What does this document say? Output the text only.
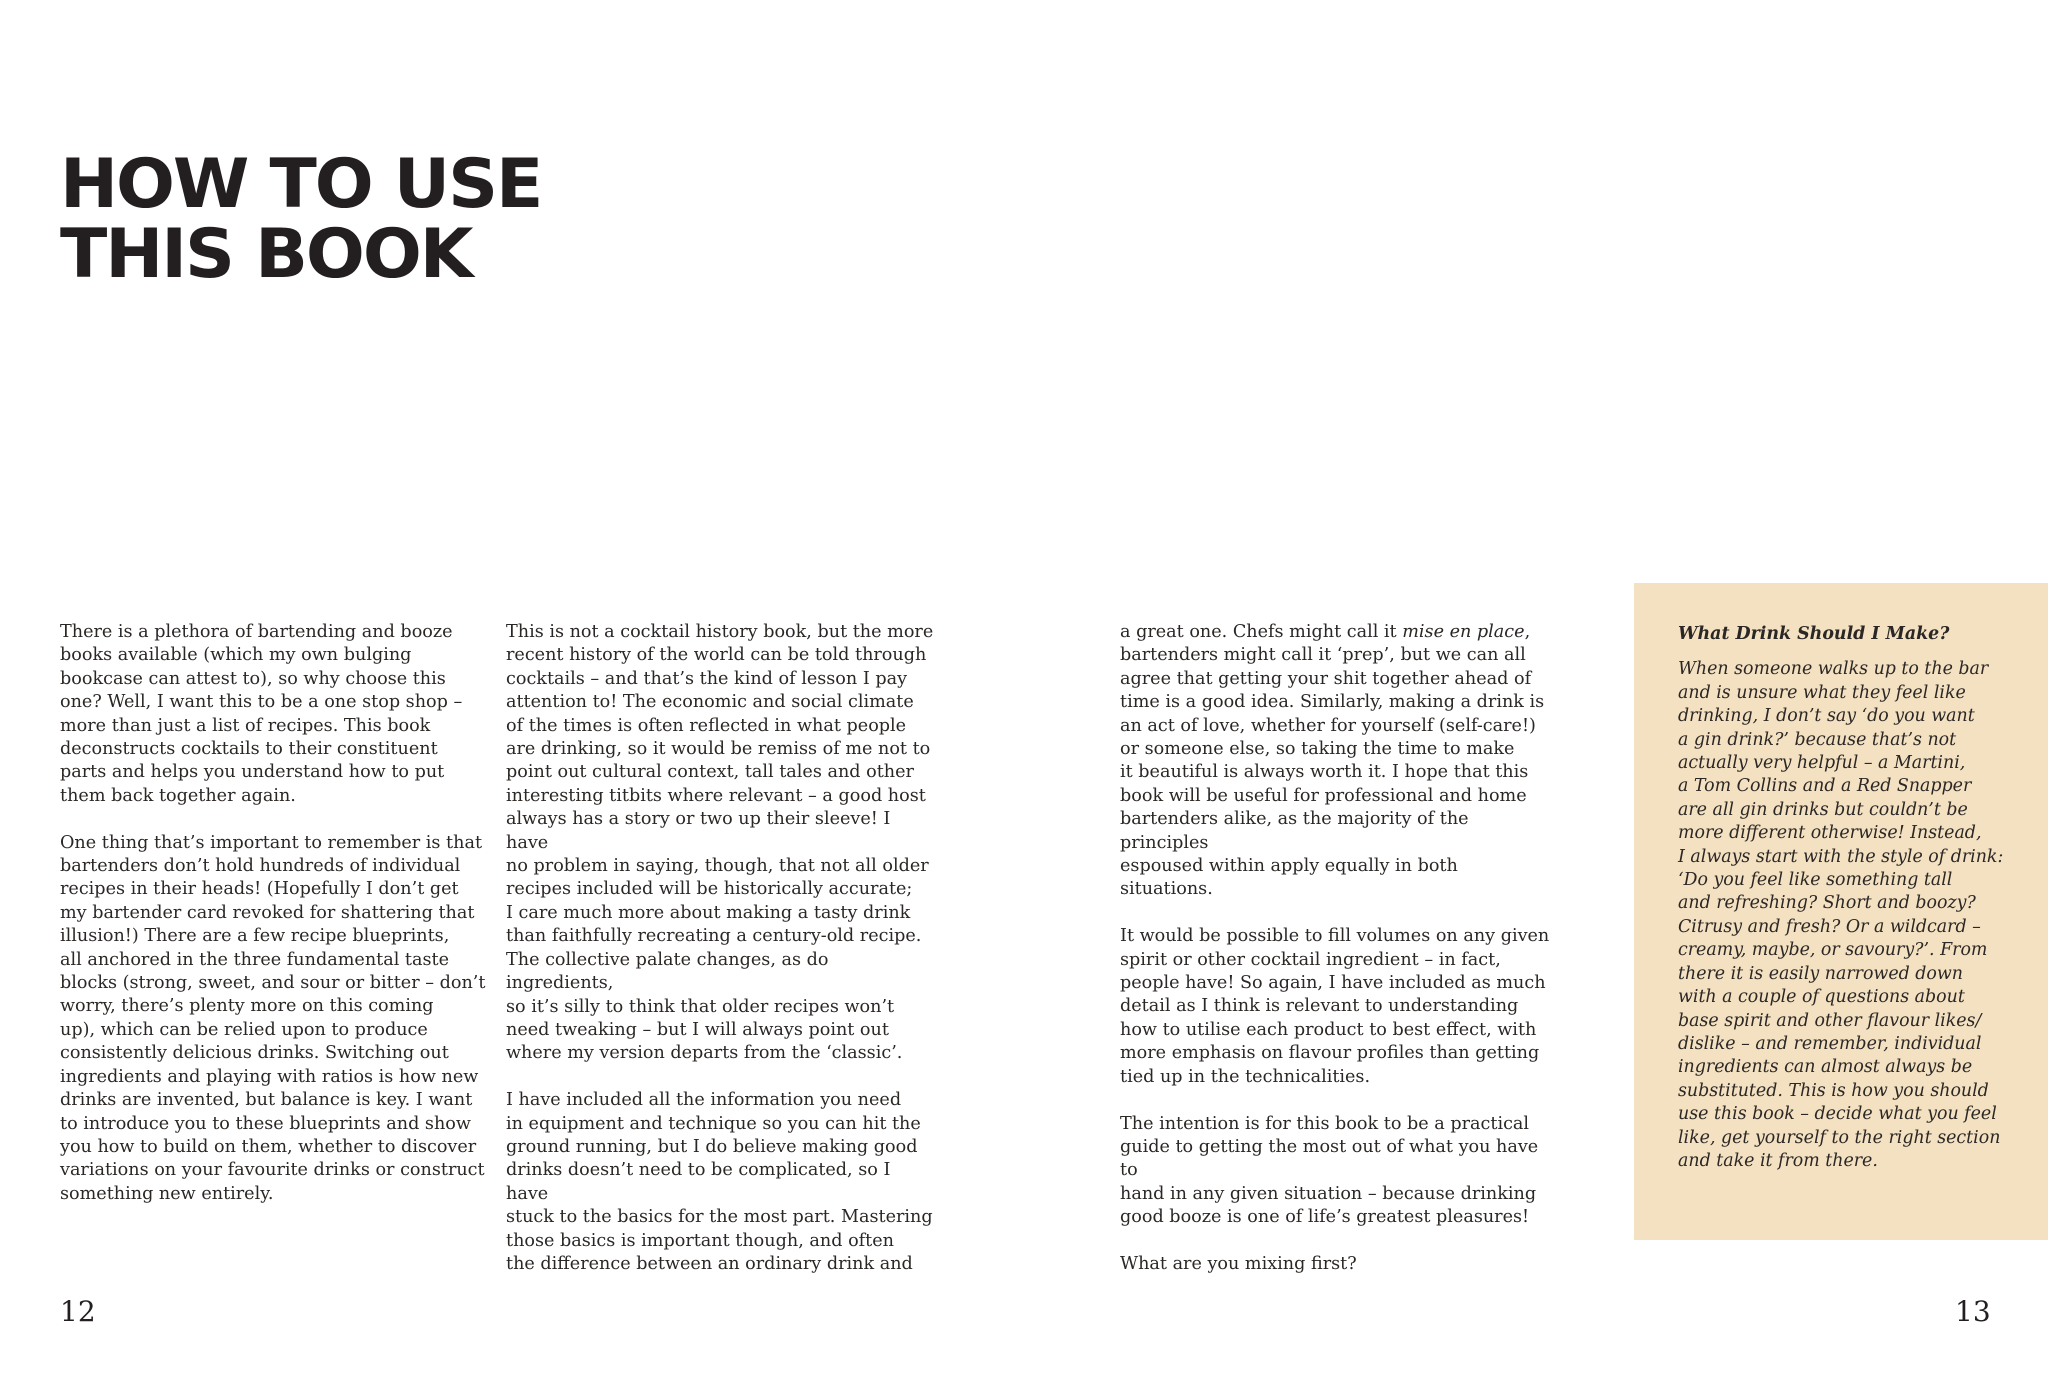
HOW TO USE
THIS BOOK

There is a plethora of bartending and booze
books available (which my own bulging
bookcase can attest to), so why choose this
one? Well, I want this to be a one stop shop –
more than just a list of recipes. This book
deconstructs cocktails to their constituent
parts and helps you understand how to put
them back together again.

One thing that’s important to remember is that
bartenders don’t hold hundreds of individual
recipes in their heads! (Hopefully I don’t get
my bartender card revoked for shattering that
illusion!) There are a few recipe blueprints,
all anchored in the three fundamental taste
blocks (strong, sweet, and sour or bitter – don’t
worry, there’s plenty more on this coming
up), which can be relied upon to produce
consistently delicious drinks. Switching out
ingredients and playing with ratios is how new
drinks are invented, but balance is key. I want
to introduce you to these blueprints and show
you how to build on them, whether to discover
variations on your favourite drinks or construct
something new entirely.

This is not a cocktail history book, but the more
recent history of the world can be told through
cocktails – and that’s the kind of lesson I pay
attention to! The economic and social climate
of the times is often reflected in what people
are drinking, so it would be remiss of me not to
point out cultural context, tall tales and other
interesting titbits where relevant – a good host
always has a story or two up their sleeve! I have
no problem in saying, though, that not all older
recipes included will be historically accurate;
I care much more about making a tasty drink
than faithfully recreating a century-old recipe.
The collective palate changes, as do ingredients,
so it’s silly to think that older recipes won’t
need tweaking – but I will always point out
where my version departs from the ‘classic’.

I have included all the information you need
in equipment and technique so you can hit the
ground running, but I do believe making good
drinks doesn’t need to be complicated, so I have
stuck to the basics for the most part. Mastering
those basics is important though, and often
the difference between an ordinary drink and

a great one. Chefs might call it mise en place,
bartenders might call it ‘prep’, but we can all
agree that getting your shit together ahead of
time is a good idea. Similarly, making a drink is
an act of love, whether for yourself (self-care!)
or someone else, so taking the time to make
it beautiful is always worth it. I hope that this
book will be useful for professional and home
bartenders alike, as the majority of the principles
espoused within apply equally in both situations.

It would be possible to fill volumes on any given
spirit or other cocktail ingredient – in fact,
people have! So again, I have included as much
detail as I think is relevant to understanding
how to utilise each product to best effect, with
more emphasis on flavour profiles than getting
tied up in the technicalities.

The intention is for this book to be a practical
guide to getting the most out of what you have to
hand in any given situation – because drinking
good booze is one of life’s greatest pleasures!

What are you mixing first?

What Drink Should I Make?

When someone walks up to the bar
and is unsure what they feel like
drinking, I don’t say ‘do you want
a gin drink?’ because that’s not
actually very helpful – a Martini,
a Tom Collins and a Red Snapper
are all gin drinks but couldn’t be
more different otherwise! Instead,
I always start with the style of drink:
‘Do you feel like something tall
and refreshing? Short and boozy?
Citrusy and fresh? Or a wildcard –
creamy, maybe, or savoury?’. From
there it is easily narrowed down
with a couple of questions about
base spirit and other flavour likes/
dislike – and remember, individual
ingredients can almost always be
substituted. This is how you should
use this book – decide what you feel
like, get yourself to the right section
and take it from there.

12	13
